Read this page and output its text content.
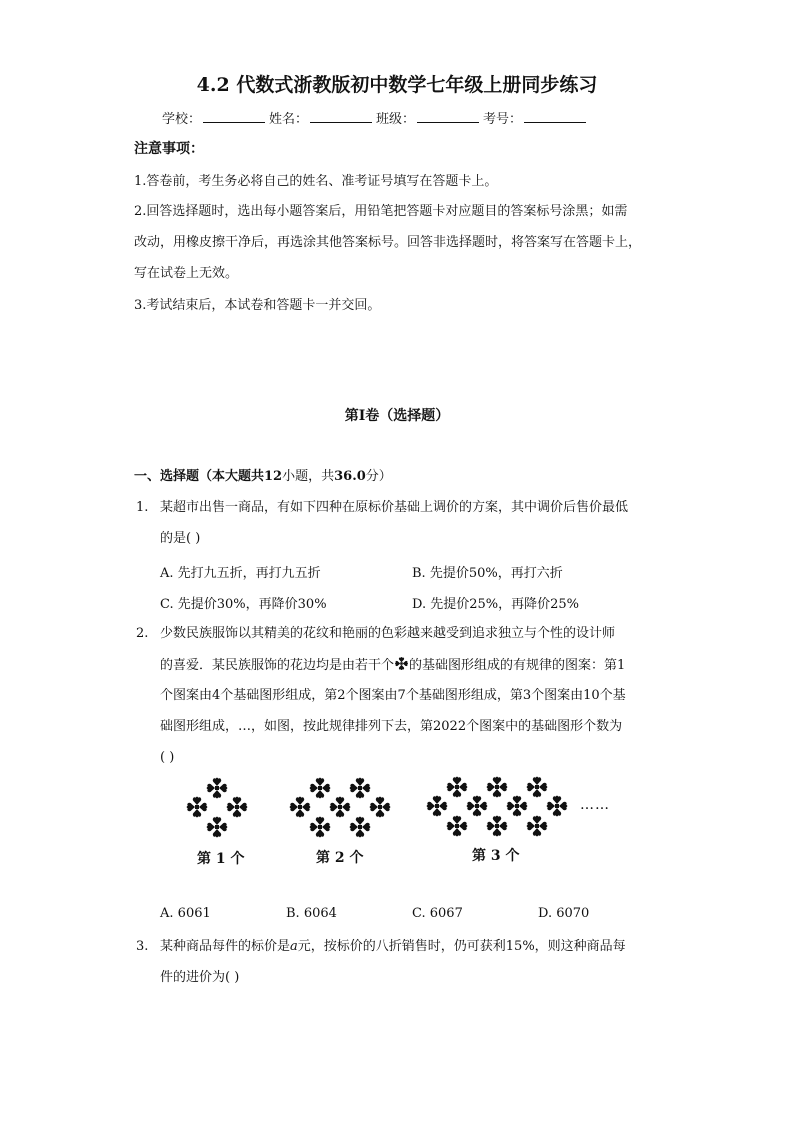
4.2 代数式浙教版初中数学七年级上册同步练习
学校：	姓名：	班级：	考号：
注意事项：
1.答卷前，考生务必将自己的姓名、准考证号填写在答题卡上。
2.回答选择题时，选出每小题答案后，用铅笔把答题卡对应题目的答案标号涂黑；如需
改动，用橡皮擦干净后，再选涂其他答案标号。回答非选择题时，将答案写在答题卡上，
写在试卷上无效。
3.考试结束后，本试卷和答题卡一并交回。
第Ⅰ卷（选择题）
一、选择题（本大题共12小题，共36.0分）
1. 某超市出售一商品，有如下四种在原标价基础上调价的方案，其中调价后售价最低
的是( )
A. 先打九五折，再打九五折	B. 先提价50%，再打六折
C. 先提价30%，再降价30%	D. 先提价25%，再降价25%
2. 少数民族服饰以其精美的花纹和艳丽的色彩越来越受到追求独立与个性的设计师
的喜爱．某民族服饰的花边均是由若干个 的基础图形组成的有规律的图案：第1
个图案由4个基础图形组成，第2个图案由7个基础图形组成，第3个图案由10个基
础图形组成，…，如图，按此规律排列下去，第2022个图案中的基础图形个数为
( )
……
第 1 个	第 2 个	第 3 个
A. 6061	B. 6064	C. 6067	D. 6070
3. 某种商品每件的标价是a元，按标价的八折销售时，仍可获利15%，则这种商品每
件的进价为( )
